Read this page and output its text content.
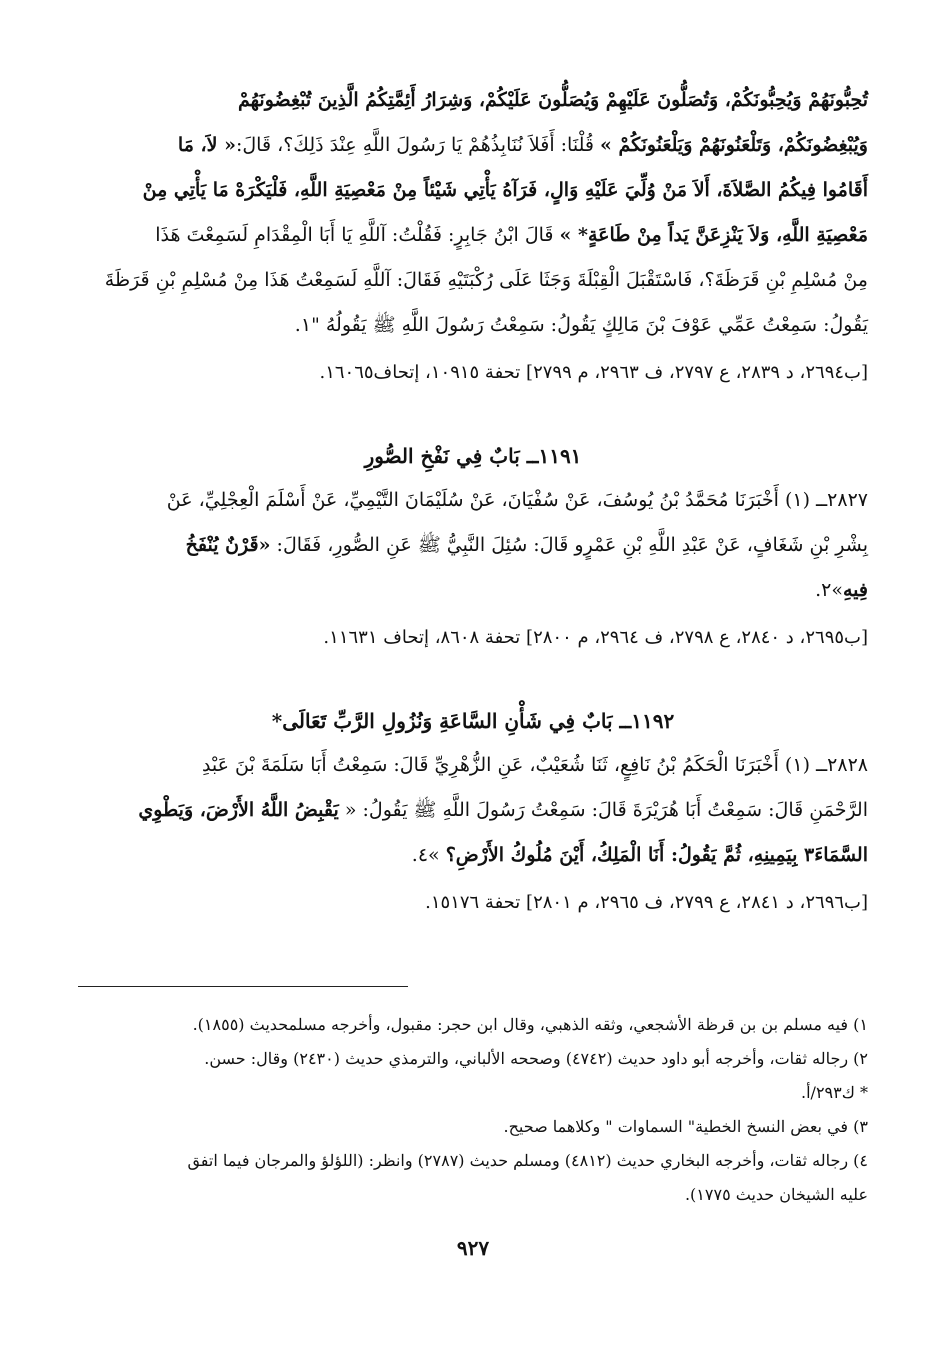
تُحِبُّونَهُمْ وَيُحِبُّونَكُمْ، وَتُصَلُّونَ عَلَيْهِمْ وَيُصَلُّونَ عَلَيْكُمْ، وَشِرَارُ أَئِمَّتِكُمُ الَّذِينَ تُبْغِضُونَهُمْ
وَيُبْغِضُونَكُمْ، وَتَلْعَنُونَهُمْ وَيَلْعَنُونَكُمْ » قُلْنَا: أَفَلاَ نُنَابِذُهُمْ يَا رَسُولَ اللَّهِ عِنْدَ ذَلِكَ؟، قَالَ:« لاَ، مَا
أَقَامُوا فِيكُمُ الصَّلاَةَ، أَلاَ مَنْ وُلِّيَ عَلَيْهِ وَالٍ، فَرَآهُ يَأْتِي شَيْئاً مِنْ مَعْصِيَةِ اللَّهِ، فَلْيَكْرَهْ مَا يَأْتِي مِنْ
مَعْصِيَةِ اللَّهِ، وَلاَ يَنْزِعَنَّ يَداً مِنْ طَاعَةٍ* » قَالَ ابْنُ جَابِرٍ: فَقُلْتُ: آللَّهِ يَا أَبَا الْمِقْدَامِ لَسَمِعْتَ هَذَا
مِنْ مُسْلِمِ بْنِ قَرَظَةَ؟، فَاسْتَقْبَلَ الْقِبْلَةَ وَجَثَا عَلَى رُكْبَتَيْهِ فَقَالَ: آللَّهِ لَسَمِعْتُ هَذَا مِنْ مُسْلِمِ بْنِ قَرَظَةَ
يَقُولُ: سَمِعْتُ عَمِّي عَوْفَ بْنَ مَالِكٍ يَقُولُ: سَمِعْتُ رَسُولَ اللَّهِ ﷺ يَقُولُهُ "١.

[ب٢٦٩٤، د ٢٨٣٩، ع ٢٧٩٧، ف ٢٩٦٣، م ٢٧٩٩] تحفة ١٠٩١٥، إتحاف١٦٠٦٥.

١١٩١ــ بَابٌ فِي نَفْخِ الصُّورِ

٢٨٢٧ــ (١) أَخْبَرَنَا مُحَمَّدُ بْنُ يُوسُفَ، عَنْ سُفْيَانَ، عَنْ سُلَيْمَانَ التَّيْمِيِّ، عَنْ أَسْلَمَ الْعِجْلِيِّ، عَنْ
بِشْرِ بْنِ شَغَافٍ، عَنْ عَبْدِ اللَّهِ بْنِ عَمْرٍو قَالَ: سُئِلَ النَّبِيُّ ﷺ عَنِ الصُّورِ، فَقَالَ: «قَرْنٌ يُنْفَخُ
فِيهِ»٢.

[ب٢٦٩٥، د ٢٨٤٠، ع ٢٧٩٨، ف ٢٩٦٤، م ٢٨٠٠] تحفة ٨٦٠٨، إتحاف ١١٦٣١.

١١٩٢ــ بَابٌ فِي شَأْنِ السَّاعَةِ وَنُزُولِ الرَّبِّ تَعَالَى*

٢٨٢٨ــ (١) أَخْبَرَنَا الْحَكَمُ بْنُ نَافِعٍ، ثَنَا شُعَيْبٌ، عَنِ الزُّهْرِيِّ قَالَ: سَمِعْتُ أَبَا سَلَمَةَ بْنَ عَبْدِ
الرَّحْمَنِ قَالَ: سَمِعْتُ أَبَا هُرَيْرَةَ قَالَ: سَمِعْتُ رَسُولَ اللَّهِ ﷺ يَقُولُ: « يَقْبِضُ اللَّهُ الأَرْضَ، وَيَطْوِي
السَّمَاءَ٣ بِيَمِينِهِ، ثُمَّ يَقُولُ: أَنَا الْمَلِكُ، أَيْنَ مُلُوكُ الأَرْضِ؟ »٤.

[ب٢٦٩٦، د ٢٨٤١، ع ٢٧٩٩، ف ٢٩٦٥، م ٢٨٠١] تحفة ١٥١٧٦.

١) فيه مسلم بن بن قرظة الأشجعي، وثقه الذهبي، وقال ابن حجر: مقبول، وأخرجه مسلمحديث (١٨٥٥).

٢) رجاله ثقات، وأخرجه أبو داود حديث (٤٧٤٢) وصححه الألباني، والترمذي حديث (٢٤٣٠) وقال: حسن.

* ك٢٩٣/أ.

٣) في بعض النسخ الخطية" السماوات " وكلاهما صحيح.

٤) رجاله ثقات، وأخرجه البخاري حديث (٤٨١٢) ومسلم حديث (٢٧٨٧) وانظر: (اللؤلؤ والمرجان فيما اتفق

عليه الشيخان حديث ١٧٧٥).

٩٢٧
